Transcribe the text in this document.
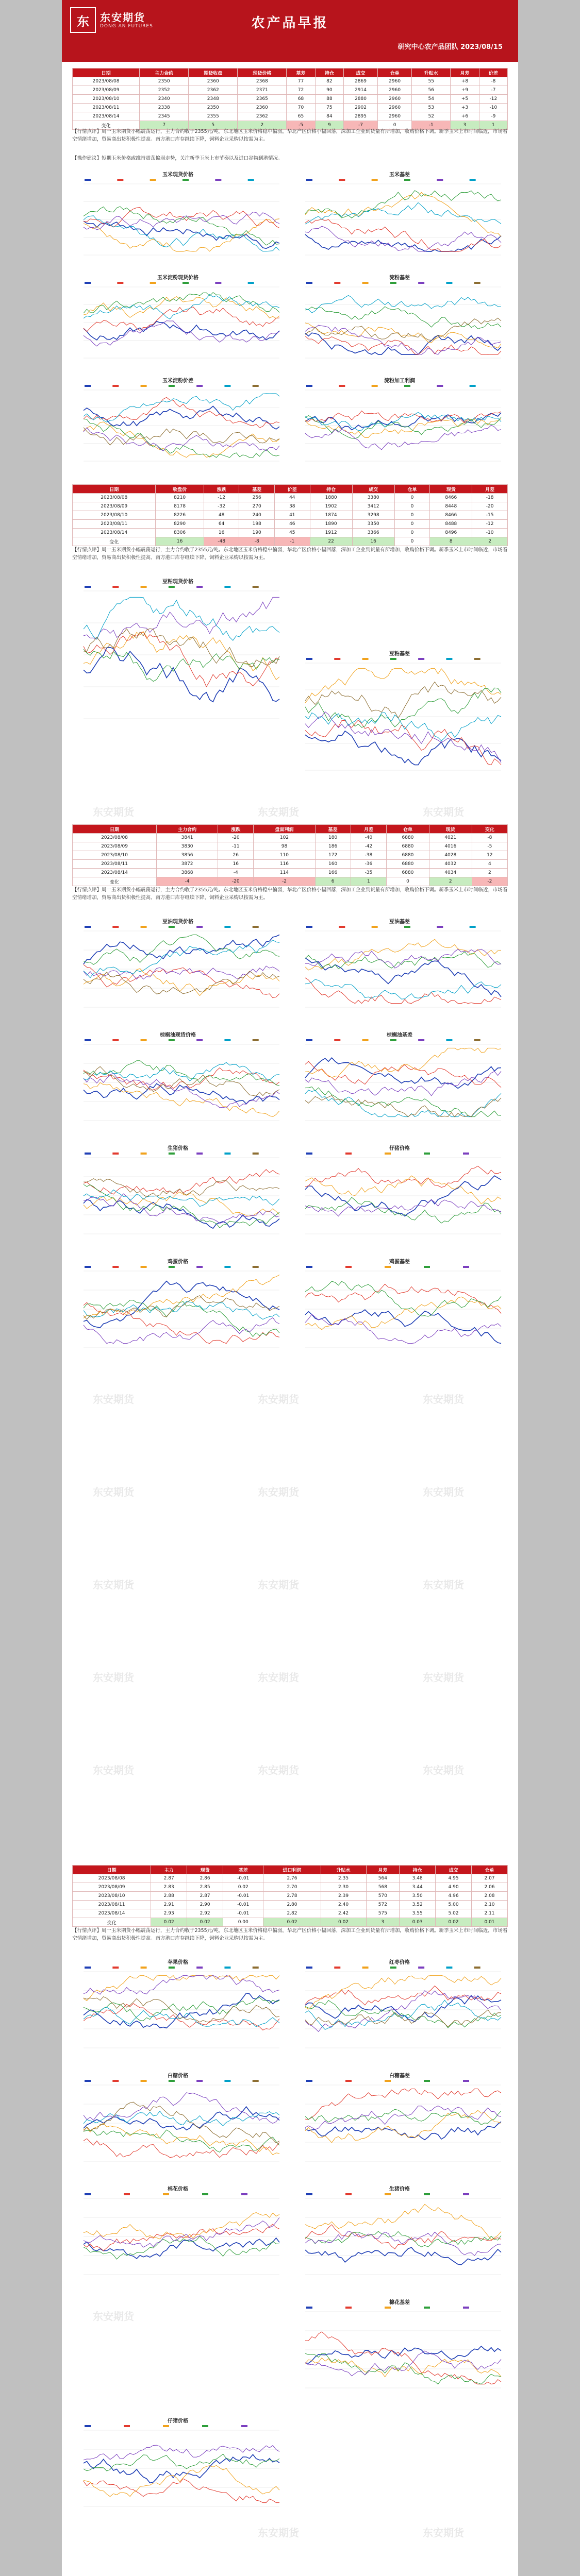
东	东安期货
DONG AN FUTURES	农产品早报
研究中心农产品团队 2023/08/15
日期	主力合约	期货收盘	现货价格	基差	持仓	成交	仓单	升贴水	月差	价差
2023/08/08	2350	2360	2368	77	82	2869	2960	55	+8	-8
2023/08/09	2352	2362	2371	72	90	2914	2960	56	+9	-7
2023/08/10	2340	2348	2365	68	88	2880	2960	54	+5	-12
2023/08/11	2338	2350	2360	70	75	2902	2960	53	+3	-10
2023/08/14	2345	2355	2362	65	84	2895	2960	52	+6	-9
变化	7	5	2	-5	9	-7	0	-1	3	1

【行情点评】周一玉米期货小幅震荡运行，主力合约收于2355元/吨。东北地区玉米价格稳中偏弱，华北产区价格小幅回落，深加工企业到货量有所增加，收购价格下调。新季玉米上市时间临近，市场看空情绪增加，贸易商出货积极性提高。南方港口库存继续下降，饲料企业采购以按需为主。

【操作建议】短期玉米价格或维持震荡偏弱走势，关注新季玉米上市节奏以及进口谷物到港情况。

玉米现货价格	玉米基差
玉米淀粉现货价格	淀粉基差
玉米淀粉价差	淀粉加工利润
日期	收盘价	涨跌	基差	价差	持仓	成交	仓单	现货	月差
2023/08/08	8210	-12	256	44	1880	3380	0	8466	-18
2023/08/09	8178	-32	270	38	1902	3412	0	8448	-20
2023/08/10	8226	48	240	41	1874	3298	0	8466	-15
2023/08/11	8290	64	198	46	1890	3350	0	8488	-12
2023/08/14	8306	16	190	45	1912	3366	0	8496	-10
变化	16	-48	-8	-1	22	16	0	8	2

【行情点评】周一玉米期货小幅震荡运行，主力合约收于2355元/吨。东北地区玉米价格稳中偏弱，华北产区价格小幅回落，深加工企业到货量有所增加，收购价格下调。新季玉米上市时间临近，市场看空情绪增加，贸易商出货积极性提高。南方港口库存继续下降，饲料企业采购以按需为主。

豆粕现货价格
豆粕基差
东安期货	东安期货	东安期货
日期	主力合约	涨跌	盘面利润	基差	月差	仓单	现货	变化
2023/08/08	3841	-20	102	180	-40	6880	4021	-8
2023/08/09	3830	-11	98	186	-42	6880	4016	-5
2023/08/10	3856	26	110	172	-38	6880	4028	12
2023/08/11	3872	16	116	160	-36	6880	4032	4
2023/08/14	3868	-4	114	166	-35	6880	4034	2
变化	-4	-20	-2	6	1	0	2	-2

【行情点评】周一玉米期货小幅震荡运行，主力合约收于2355元/吨。东北地区玉米价格稳中偏弱，华北产区价格小幅回落，深加工企业到货量有所增加，收购价格下调。新季玉米上市时间临近，市场看空情绪增加，贸易商出货积极性提高。南方港口库存继续下降，饲料企业采购以按需为主。

豆油现货价格	豆油基差
棕榈油现货价格	棕榈油基差
生猪价格	仔猪价格
鸡蛋价格	鸡蛋基差
东安期货	东安期货	东安期货
东安期货	东安期货	东安期货
东安期货	东安期货	东安期货
东安期货	东安期货	东安期货
东安期货	东安期货	东安期货
日期	主力	现货	基差	进口利润	升贴水	月差	持仓	成交	仓单
2023/08/08	2.87	2.86	-0.01	2.76	2.35	564	3.48	4.95	2.07
2023/08/09	2.83	2.85	0.02	2.70	2.30	568	3.44	4.90	2.06
2023/08/10	2.88	2.87	-0.01	2.78	2.39	570	3.50	4.96	2.08
2023/08/11	2.91	2.90	-0.01	2.80	2.40	572	3.52	5.00	2.10
2023/08/14	2.93	2.92	-0.01	2.82	2.42	575	3.55	5.02	2.11
变化	0.02	0.02	0.00	0.02	0.02	3	0.03	0.02	0.01

【行情点评】周一玉米期货小幅震荡运行，主力合约收于2355元/吨。东北地区玉米价格稳中偏弱，华北产区价格小幅回落，深加工企业到货量有所增加，收购价格下调。新季玉米上市时间临近，市场看空情绪增加，贸易商出货积极性提高。南方港口库存继续下降，饲料企业采购以按需为主。

苹果价格	红枣价格
白糖价格	白糖基差
棉花价格	生猪价格
棉花基差
仔猪价格
东安期货
东安期货	东安期货
